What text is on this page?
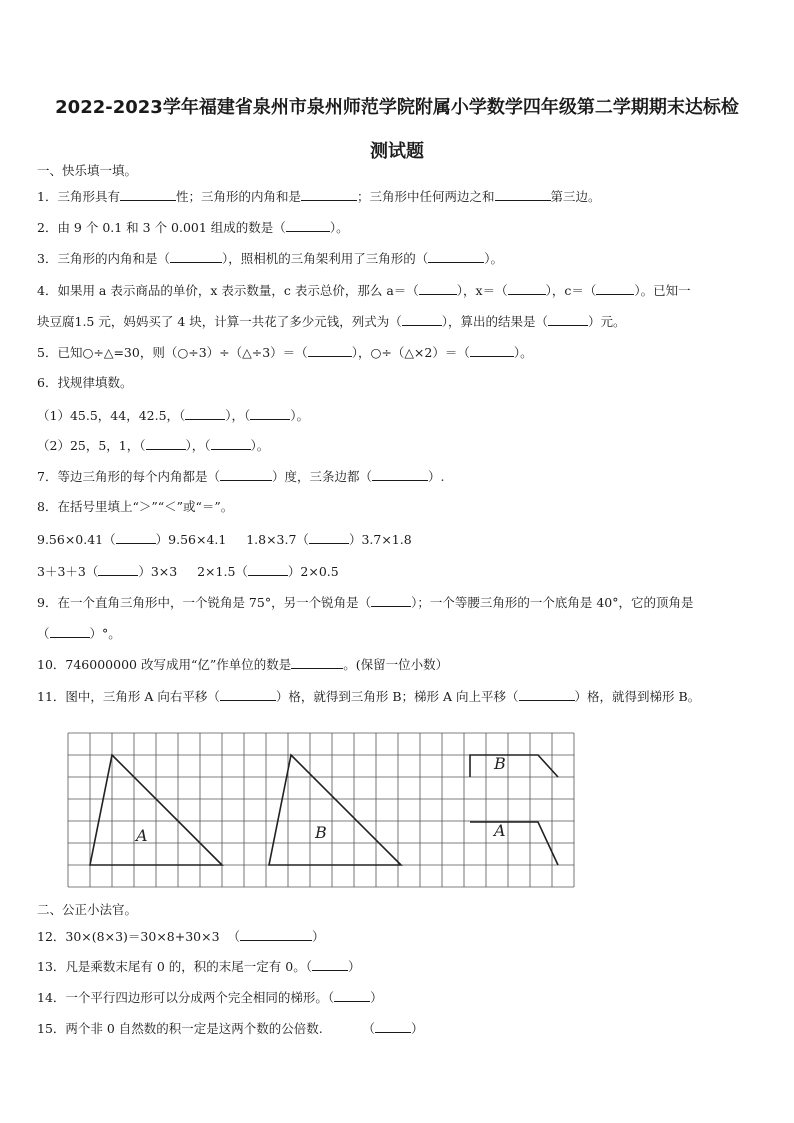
2022-2023学年福建省泉州市泉州师范学院附属小学数学四年级第二学期期末达标检
测试题
一、快乐填一填。
1．三角形具有	性；三角形的内角和是	；三角形中任何两边之和	第三边。
2．由 9 个 0.1 和 3 个 0.001 组成的数是（	）。
3．三角形的内角和是（	），照相机的三角架利用了三角形的（	）。
4．如果用 a 表示商品的单价，x 表示数量，c 表示总价，那么 a＝（	），x＝（	），c＝（	）。已知一
块豆腐1.5 元，妈妈买了 4 块，计算一共花了多少元钱，列式为（	），算出的结果是（	）元。
5．已知○÷△=30，则（○÷3）÷（△÷3）＝（	），○÷（△×2）＝（	）。
6．找规律填数。
（1）45.5，44，42.5，（	），（	）。
（2）25，5，1，（	），（	）。
7．等边三角形的每个内角都是（	）度，三条边都（	）.
8．在括号里填上“＞”“＜”或“＝”。
9.56×0.41（	）9.56×4.1     1.8×3.7（	）3.7×1.8
3＋3＋3（	）3×3     2×1.5（	）2×0.5
9．在一个直角三角形中，一个锐角是 75°，另一个锐角是（	）；一个等腰三角形的一个底角是 40°，它的顶角是
（	）°。
10．746000000 改写成用“亿”作单位的数是	。(保留一位小数）
11．图中，三角形 A 向右平移（	）格，就得到三角形 B；梯形 A 向上平移（	）格，就得到梯形 B。
A	B
B
A
二、公正小法官。
12．30×(8×3)＝30×8+30×3  （	）
13．凡是乘数末尾有 0 的，积的末尾一定有 0。（	）
14．一个平行四边形可以分成两个完全相同的梯形。（	）
15．两个非 0 自然数的积一定是这两个数的公倍数.          （	）
